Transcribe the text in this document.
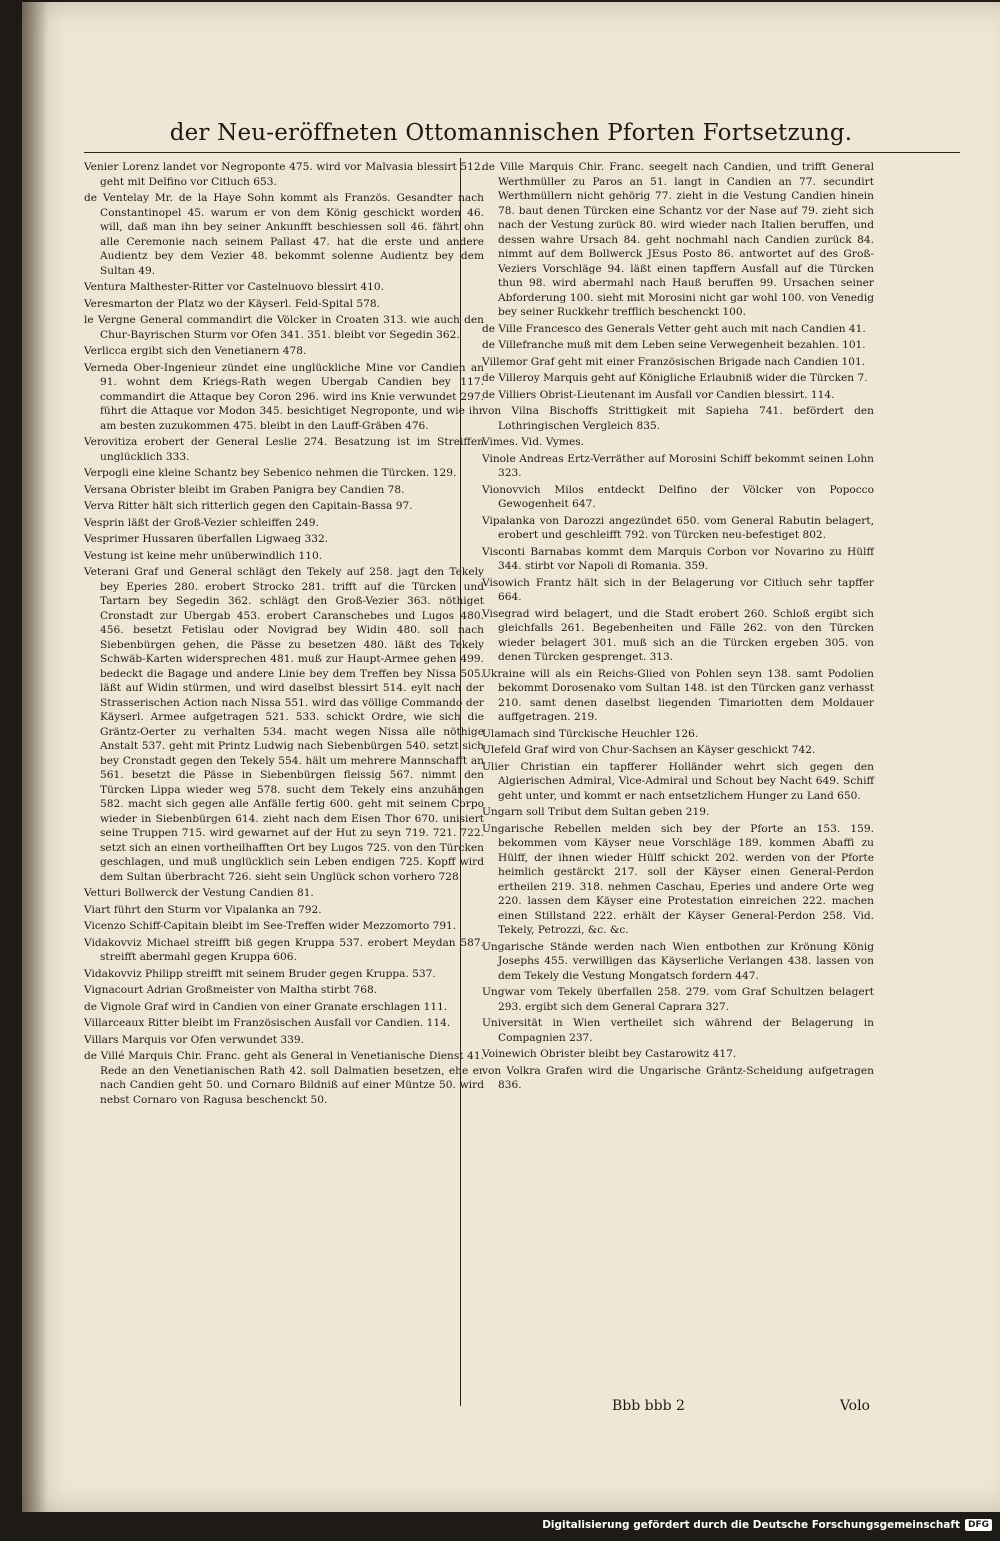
der Neu-eröffneten Ottomannischen Pforten Fortsetzung.
Venier Lorenz landet vor Negroponte 475. wird vor Malvasia blessirt 512. geht mit Delfino vor Citluch 653.
de Ventelay Mr. de la Haye Sohn kommt als Französ. Gesandter nach Constantinopel 45. warum er von dem König geschickt worden 46. will, daß man ihn bey seiner Ankunfft beschiessen soll 46. fährt ohn alle Ceremonie nach seinem Pallast 47. hat die erste und andere Audientz bey dem Vezier 48. bekommt solenne Audientz bey dem Sultan 49.
Ventura Malthester-Ritter vor Castelnuovo blessirt 410.
Veresmarton der Platz wo der Käyserl. Feld-Spital 578.
le Vergne General commandirt die Völcker in Croaten 313. wie auch den Chur-Bayrischen Sturm vor Ofen 341. 351. bleibt vor Segedin 362.
Verlicca ergibt sich den Venetianern 478.
Verneda Ober-Ingenieur zündet eine unglückliche Mine vor Candien an 91. wohnt dem Kriegs-Rath wegen Ubergab Candien bey 117. commandirt die Attaque bey Coron 296. wird ins Knie verwundet 297. führt die Attaque vor Modon 345. besichtiget Negroponte, und wie ihr am besten zuzukommen 475. bleibt in den Lauff-Gräben 476.
Verovitiza erobert der General Leslie 274. Besatzung ist im Streiffen unglücklich 333.
Verpogli eine kleine Schantz bey Sebenico nehmen die Türcken. 129.
Versana Obrister bleibt im Graben Panigra bey Candien 78.
Verva Ritter hält sich ritterlich gegen den Capitain-Bassa 97.
Vesprin läßt der Groß-Vezier schleiffen 249.
Vesprimer Hussaren überfallen Ligwaeg 332.
Vestung ist keine mehr unüberwindlich 110.
Veterani Graf und General schlägt den Tekely auf 258. jagt den Tekely bey Eperies 280. erobert Strocko 281. trifft auf die Türcken und Tartarn bey Segedin 362. schlägt den Groß-Vezier 363. nöthiget Cronstadt zur Ubergab 453. erobert Caranschebes und Lugos 480. 456. besetzt Fetislau oder Novigrad bey Widin 480. soll nach Siebenbürgen gehen, die Pässe zu besetzen 480. läßt des Tekely Schwäb-Karten widersprechen 481. muß zur Haupt-Armee gehen 499. bedeckt die Bagage und andere Linie bey dem Treffen bey Nissa 505. läßt auf Widin stürmen, und wird daselbst blessirt 514. eylt nach der Strasserischen Action nach Nissa 551. wird das völlige Commando der Käyserl. Armee aufgetragen 521. 533. schickt Ordre, wie sich die Gräntz-Oerter zu verhalten 534. macht wegen Nissa alle nöthige Anstalt 537. geht mit Printz Ludwig nach Siebenbürgen 540. setzt sich bey Cronstadt gegen den Tekely 554. hält um mehrere Mannschafft an 561. besetzt die Pässe in Siebenbürgen fleissig 567. nimmt den Türcken Lippa wieder weg 578. sucht dem Tekely eins anzuhängen 582. macht sich gegen alle Anfälle fertig 600. geht mit seinem Corpo wieder in Siebenbürgen 614. zieht nach dem Eisen Thor 670. unisiert seine Truppen 715. wird gewarnet auf der Hut zu seyn 719. 721. 722. setzt sich an einen vortheilhafften Ort bey Lugos 725. von den Türcken geschlagen, und muß unglücklich sein Leben endigen 725. Kopff wird dem Sultan überbracht 726. sieht sein Unglück schon vorhero 728.
Vetturi Bollwerck der Vestung Candien 81.
Viart führt den Sturm vor Vipalanka an 792.
Vicenzo Schiff-Capitain bleibt im See-Treffen wider Mezzomorto 791.
Vidakovviz Michael streifft biß gegen Kruppa 537. erobert Meydan 587. streifft abermahl gegen Kruppa 606.
Vidakovviz Philipp streifft mit seinem Bruder gegen Kruppa. 537.
Vignacourt Adrian Großmeister von Maltha stirbt 768.
de Vignole Graf wird in Candien von einer Granate erschlagen 111.
Villarceaux Ritter bleibt im Französischen Ausfall vor Candien. 114.
Villars Marquis vor Ofen verwundet 339.
de Villé Marquis Chir. Franc. geht als General in Venetianische Dienst 41. Rede an den Venetianischen Rath 42. soll Dalmatien besetzen, ehe er nach Candien geht 50. und Cornaro Bildniß auf einer Müntze 50. wird nebst Cornaro von Ragusa beschenckt 50.
de Ville Marquis Chir. Franc. seegelt nach Candien, und trifft General Werthmüller zu Paros an 51. langt in Candien an 77. secundirt Werthmüllern nicht gehörig 77. zieht in die Vestung Candien hinein 78. baut denen Türcken eine Schantz vor der Nase auf 79. zieht sich nach der Vestung zurück 80. wird wieder nach Italien beruffen, und dessen wahre Ursach 84. geht nochmahl nach Candien zurück 84. nimmt auf dem Bollwerck JEsus Posto 86. antwortet auf des Groß-Veziers Vorschläge 94. läßt einen tapffern Ausfall auf die Türcken thun 98. wird abermahl nach Hauß beruffen 99. Ursachen seiner Abforderung 100. sieht mit Morosini nicht gar wohl 100. von Venedig bey seiner Ruckkehr trefflich beschenckt 100.
de Ville Francesco des Generals Vetter geht auch mit nach Candien 41.
de Villefranche muß mit dem Leben seine Verwegenheit bezahlen. 101.
Villemor Graf geht mit einer Französischen Brigade nach Candien 101.
de Villeroy Marquis geht auf Königliche Erlaubniß wider die Türcken 7.
de Villiers Obrist-Lieutenant im Ausfall vor Candien blessirt. 114.
von Vilna Bischoffs Strittigkeit mit Sapieha 741. befördert den Lothringischen Vergleich 835.
Vimes. Vid. Vymes.
Vinole Andreas Ertz-Verräther auf Morosini Schiff bekommt seinen Lohn 323.
Vionovvich Milos entdeckt Delfino der Völcker von Popocco Gewogenheit 647.
Vipalanka von Darozzi angezündet 650. vom General Rabutin belagert, erobert und geschleifft 792. von Türcken neu-befestiget 802.
Visconti Barnabas kommt dem Marquis Corbon vor Novarino zu Hülff 344. stirbt vor Napoli di Romania. 359.
Visowich Frantz hält sich in der Belagerung vor Citluch sehr tapffer 664.
Visegrad wird belagert, und die Stadt erobert 260. Schloß ergibt sich gleichfalls 261. Begebenheiten und Fälle 262. von den Türcken wieder belagert 301. muß sich an die Türcken ergeben 305. von denen Türcken gesprenget. 313.
Ukraine will als ein Reichs-Glied von Pohlen seyn 138. samt Podolien bekommt Dorosenako vom Sultan 148. ist den Türcken ganz verhasst 210. samt denen daselbst liegenden Timariotten dem Moldauer auffgetragen. 219.
Ulamach sind Türckische Heuchler 126.
Ulefeld Graf wird von Chur-Sachsen an Käyser geschickt 742.
Ulier Christian ein tapfferer Holländer wehrt sich gegen den Algierischen Admiral, Vice-Admiral und Schout bey Nacht 649. Schiff geht unter, und kommt er nach entsetzlichem Hunger zu Land 650.
Ungarn soll Tribut dem Sultan geben 219.
Ungarische Rebellen melden sich bey der Pforte an 153. 159. bekommen vom Käyser neue Vorschläge 189. kommen Abaffi zu Hülff, der ihnen wieder Hülff schickt 202. werden von der Pforte heimlich gestärckt 217. soll der Käyser einen General-Perdon ertheilen 219. 318. nehmen Caschau, Eperies und andere Orte weg 220. lassen dem Käyser eine Protestation einreichen 222. machen einen Stillstand 222. erhält der Käyser General-Perdon 258. Vid. Tekely, Petrozzi, &c. &c.
Ungarische Stände werden nach Wien entbothen zur Krönung König Josephs 455. verwilligen das Käyserliche Verlangen 438. lassen von dem Tekely die Vestung Mongatsch fordern 447.
Ungwar vom Tekely überfallen 258. 279. vom Graf Schultzen belagert 293. ergibt sich dem General Caprara 327.
Universität in Wien vertheilet sich während der Belagerung in Compagnien 237.
Voinewich Obrister bleibt bey Castarowitz 417.
von Volkra Grafen wird die Ungarische Gräntz-Scheidung aufgetragen 836.
Bbb bbb 2	Volo
Digitalisierung gefördert durch die Deutsche Forschungsgemeinschaft DFG
